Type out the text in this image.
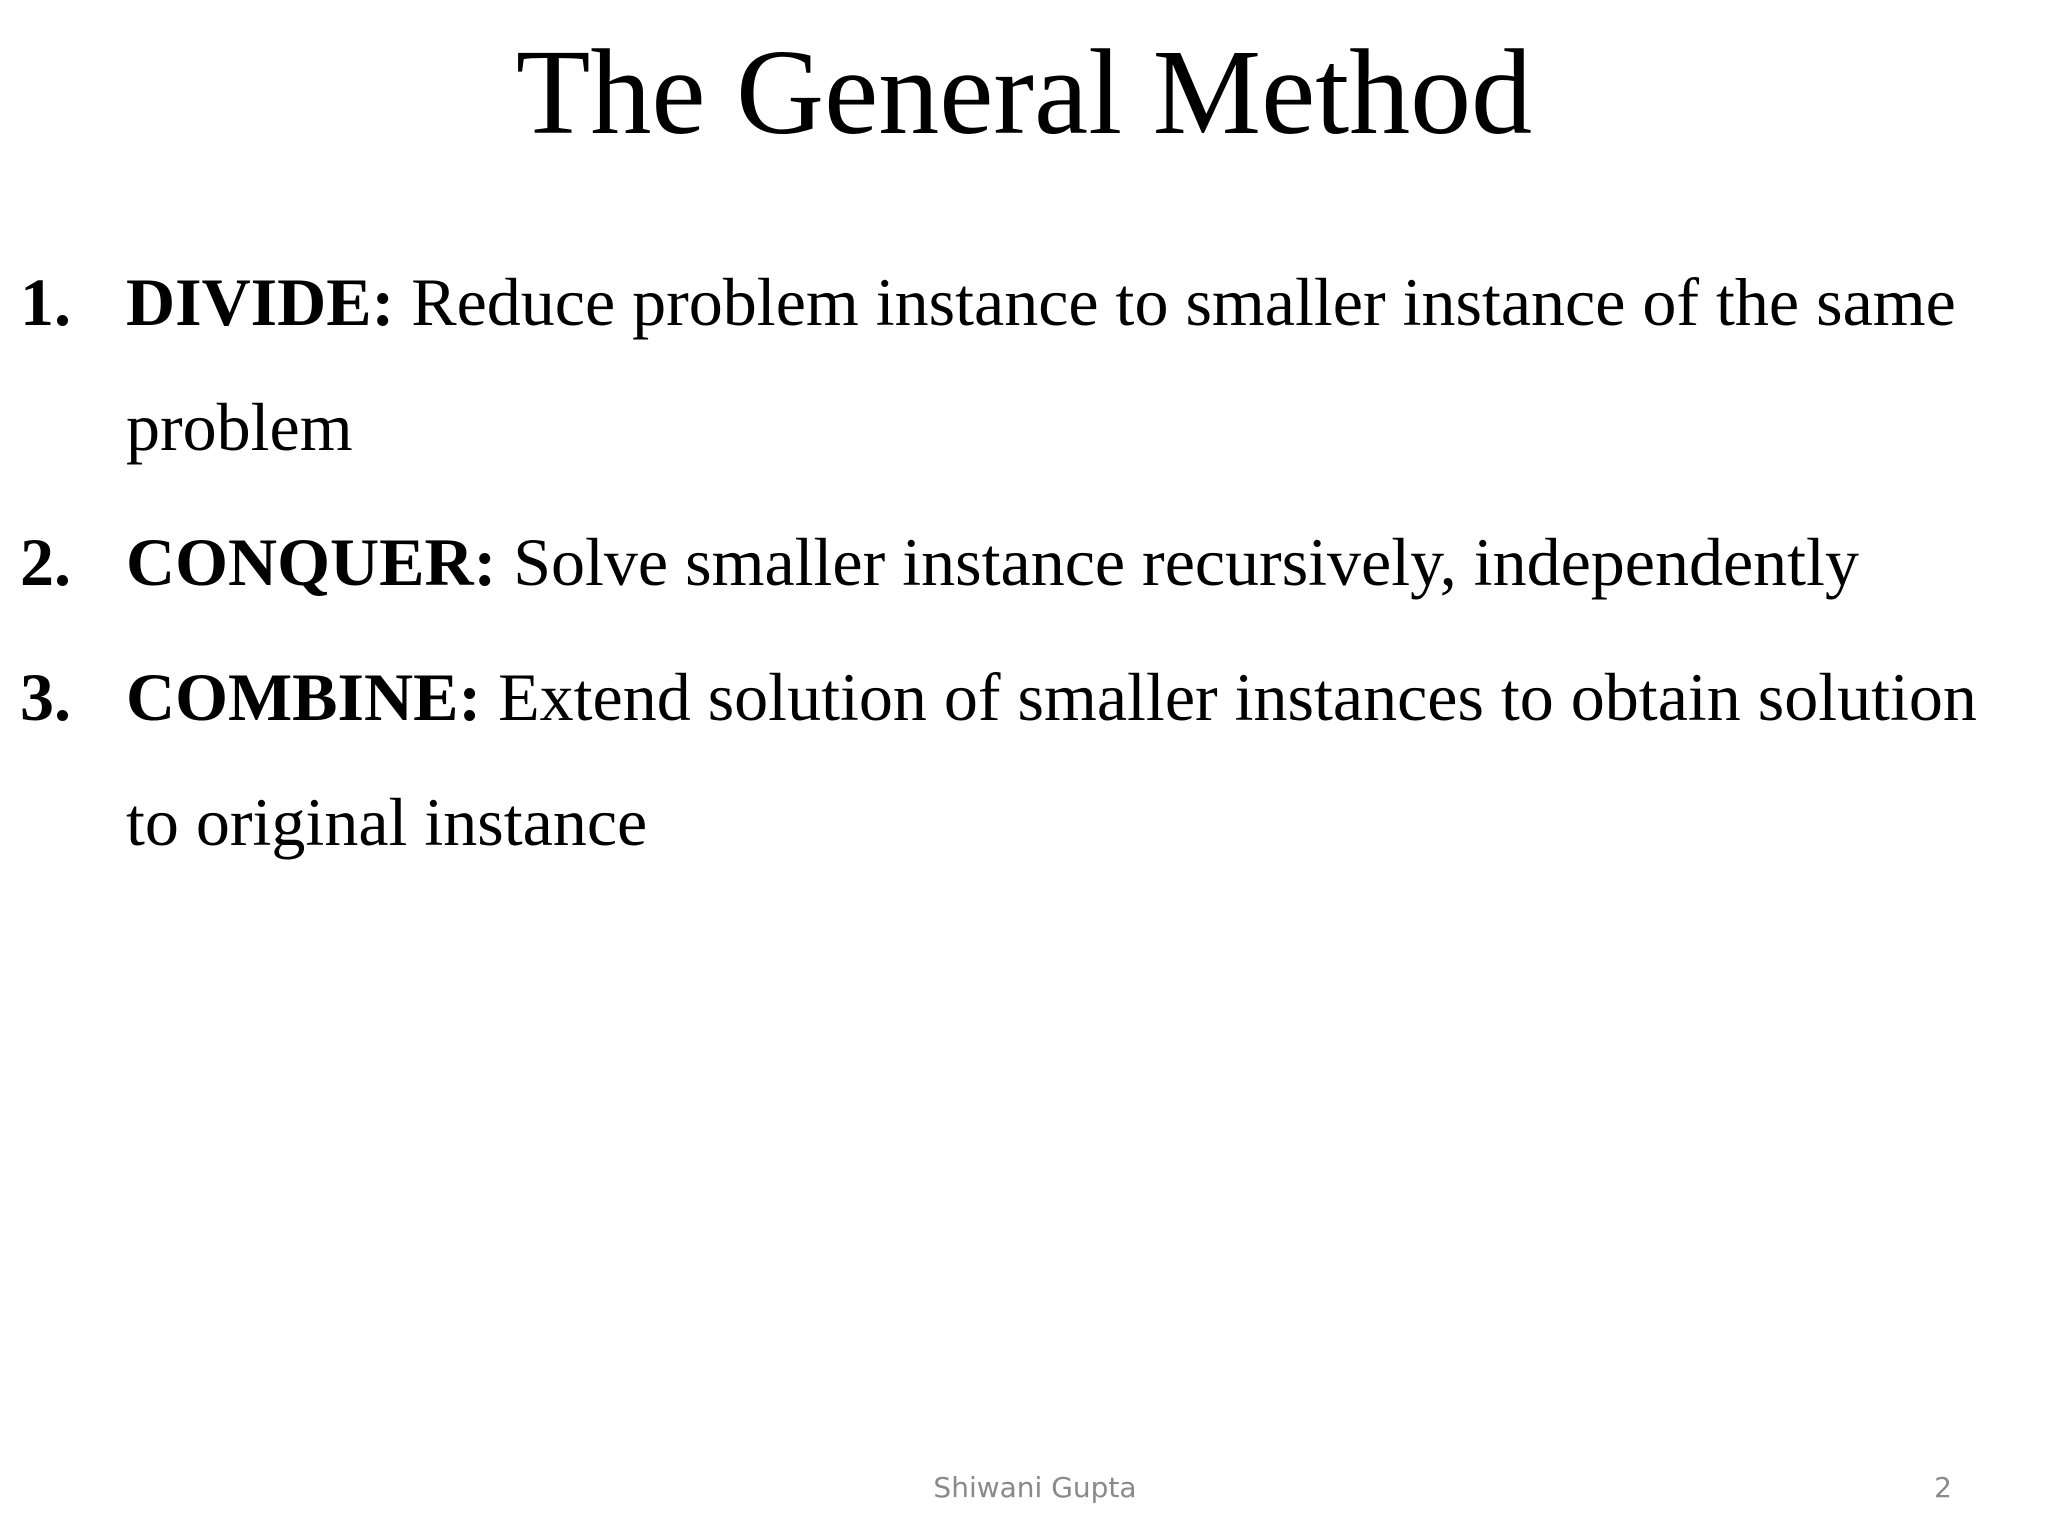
The General Method
1. DIVIDE: Reduce problem instance to smaller instance of the same problem
2. CONQUER: Solve smaller instance recursively, independently
3. COMBINE: Extend solution of smaller instances to obtain solution to original instance
Shiwani Gupta	2
